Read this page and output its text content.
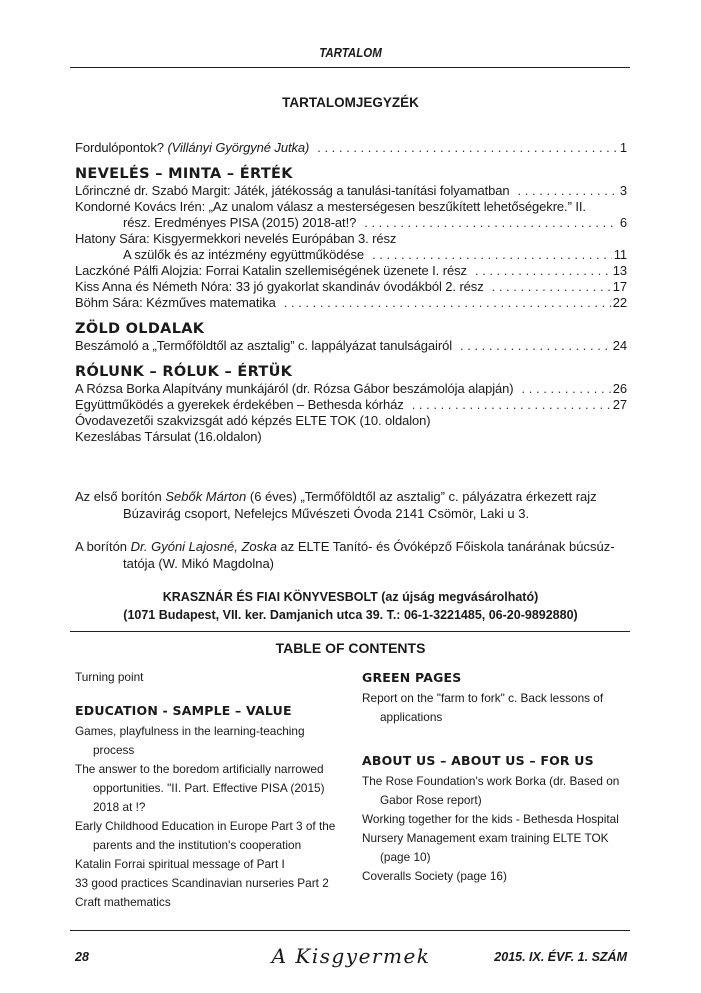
TARTALOM
TARTALOMJEGYZÉK
Fordulópontok? (Villányi Györgyné Jutka) . . .	1
NEVELÉS – MINTA – ÉRTÉK
Lőrinczné dr. Szabó Margit: Játék, játékosság a tanulási-tanítási folyamatban . . .	3
Kondorné Kovács Irén: „Az unalom válasz a mesterségesen beszűkített lehetőségekre.” II.
rész. Eredményes PISA (2015) 2018-at!? . . .	6
Hatony Sára: Kisgyermekkori nevelés Európában 3. rész
A szülők és az intézmény együttműködése . . .	11
Laczkóné Pálfi Alojzia: Forrai Katalin szellemiségének üzenete I. rész . . .	13
Kiss Anna és Németh Nóra: 33 jó gyakorlat skandináv óvodákból 2. rész . . .	17
Böhm Sára: Kézműves matematika . . .	22
ZÖLD OLDALAK
Beszámoló a „Termőföldtől az asztalig” c. lappályázat tanulságairól . . .	24
RÓLUNK – RÓLUK – ÉRTÜK
A Rózsa Borka Alapítvány munkájáról (dr. Rózsa Gábor beszámolója alapján) . . .	26
Együttműködés a gyerekek érdekében – Bethesda kórház . . .	27
Óvodavezetői szakvizsgát adó képzés ELTE TOK (10. oldalon)
Kezeslábas Társulat (16.oldalon)
Az első borítón Sebők Márton (6 éves) „Termőföldtől az asztalig” c. pályázatra érkezett rajz
Búzavirág csoport, Nefelejcs Művészeti Óvoda 2141 Csömör, Laki u 3.
A borítón Dr. Gyóni Lajosné, Zoska az ELTE Tanító- és Óvóképző Főiskola tanárának búcsúz-
tatója (W. Mikó Magdolna)
KRASZNÁR ÉS FIAI KÖNYVESBOLT (az újság megvásárolható)
(1071 Budapest, VII. ker. Damjanich utca 39. T.: 06-1-3221485, 06-20-9892880)
TABLE OF CONTENTS
Turning point
EDUCATION - SAMPLE – VALUE
Games, playfulness in the learning-teaching
process
The answer to the boredom artificially narrowed
opportunities. "II. Part. Effective PISA (2015)
2018 at !?
Early Childhood Education in Europe Part 3 of the
parents and the institution's cooperation
Katalin Forrai spiritual message of Part I
33 good practices Scandinavian nurseries Part 2
Craft mathematics
GREEN PAGES
Report on the "farm to fork" c. Back lessons of
applications
ABOUT US – ABOUT US – FOR US
The Rose Foundation's work Borka (dr. Based on
Gabor Rose report)
Working together for the kids - Bethesda Hospital
Nursery Management exam training ELTE TOK
(page 10)
Coveralls Society (page 16)
28	A Kisgyermek	2015. IX. ÉVF. 1. SZÁM
